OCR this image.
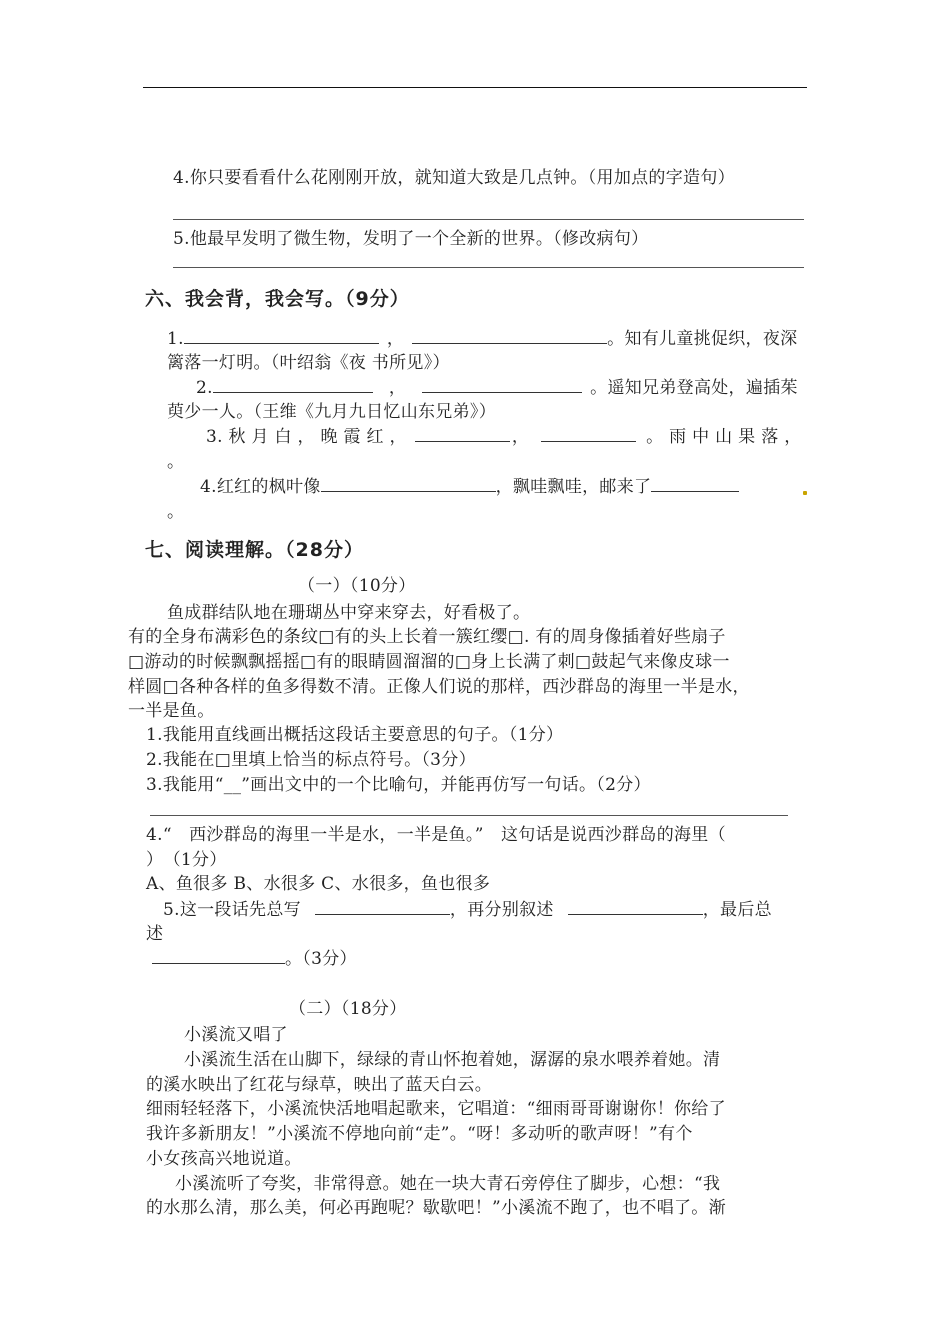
4.你只要看看什么花刚刚开放，就知道大致是几点钟。（用加点的字造句）
5.他最早发明了微生物，发明了一个全新的世界。（修改病句）
六、我会背，我会写。（9分）
1.	，	。知有儿童挑促织，夜深
篱落一灯明。（叶绍翁《夜 书所见》）
2.	，	。遥知兄弟登高处，遍插茱
萸少一人。（王维《九月九日忆山东兄弟》）
3. 秋 月 白 ， 晚 霞 红 ，	，	。 雨 中 山 果 落 ，
。
4.红红的枫叶像	，飘哇飘哇，邮来了
。
七、阅读理解。（28分）
（一）（10分）
鱼成群结队地在珊瑚丛中穿来穿去，好看极了。
有的全身布满彩色的条纹□有的头上长着一簇红缨□. 有的周身像插着好些扇子
□游动的时候飘飘摇摇□有的眼睛圆溜溜的□身上长满了刺□鼓起气来像皮球一
样圆□各种各样的鱼多得数不清。正像人们说的那样，西沙群岛的海里一半是水，
一半是鱼。
1.我能用直线画出概括这段话主要意思的句子。（1分）
2.我能在□里填上恰当的标点符号。（3分）
3.我能用“__”画出文中的一个比喻句，并能再仿写一句话。（2分）
4.“　西沙群岛的海里一半是水，一半是鱼。”　这句话是说西沙群岛的海里（
）　（1分）
A、鱼很多 B、水很多 C、水很多，鱼也很多
5.这一段话先总写	，再分别叙述	，最后总
述
。（3分）
（二）（18分）
小溪流又唱了
小溪流生活在山脚下，绿绿的青山怀抱着她，潺潺的泉水喂养着她。清
的溪水映出了红花与绿草，映出了蓝天白云。
细雨轻轻落下，小溪流快活地唱起歌来，它唱道：“细雨哥哥谢谢你！你给了
我许多新朋友！”小溪流不停地向前“走”。“呀！多动听的歌声呀！”有个
小女孩高兴地说道。
小溪流听了夸奖，非常得意。她在一块大青石旁停住了脚步，心想：“我
的水那么清，那么美，何必再跑呢？歇歇吧！”小溪流不跑了，也不唱了。渐
